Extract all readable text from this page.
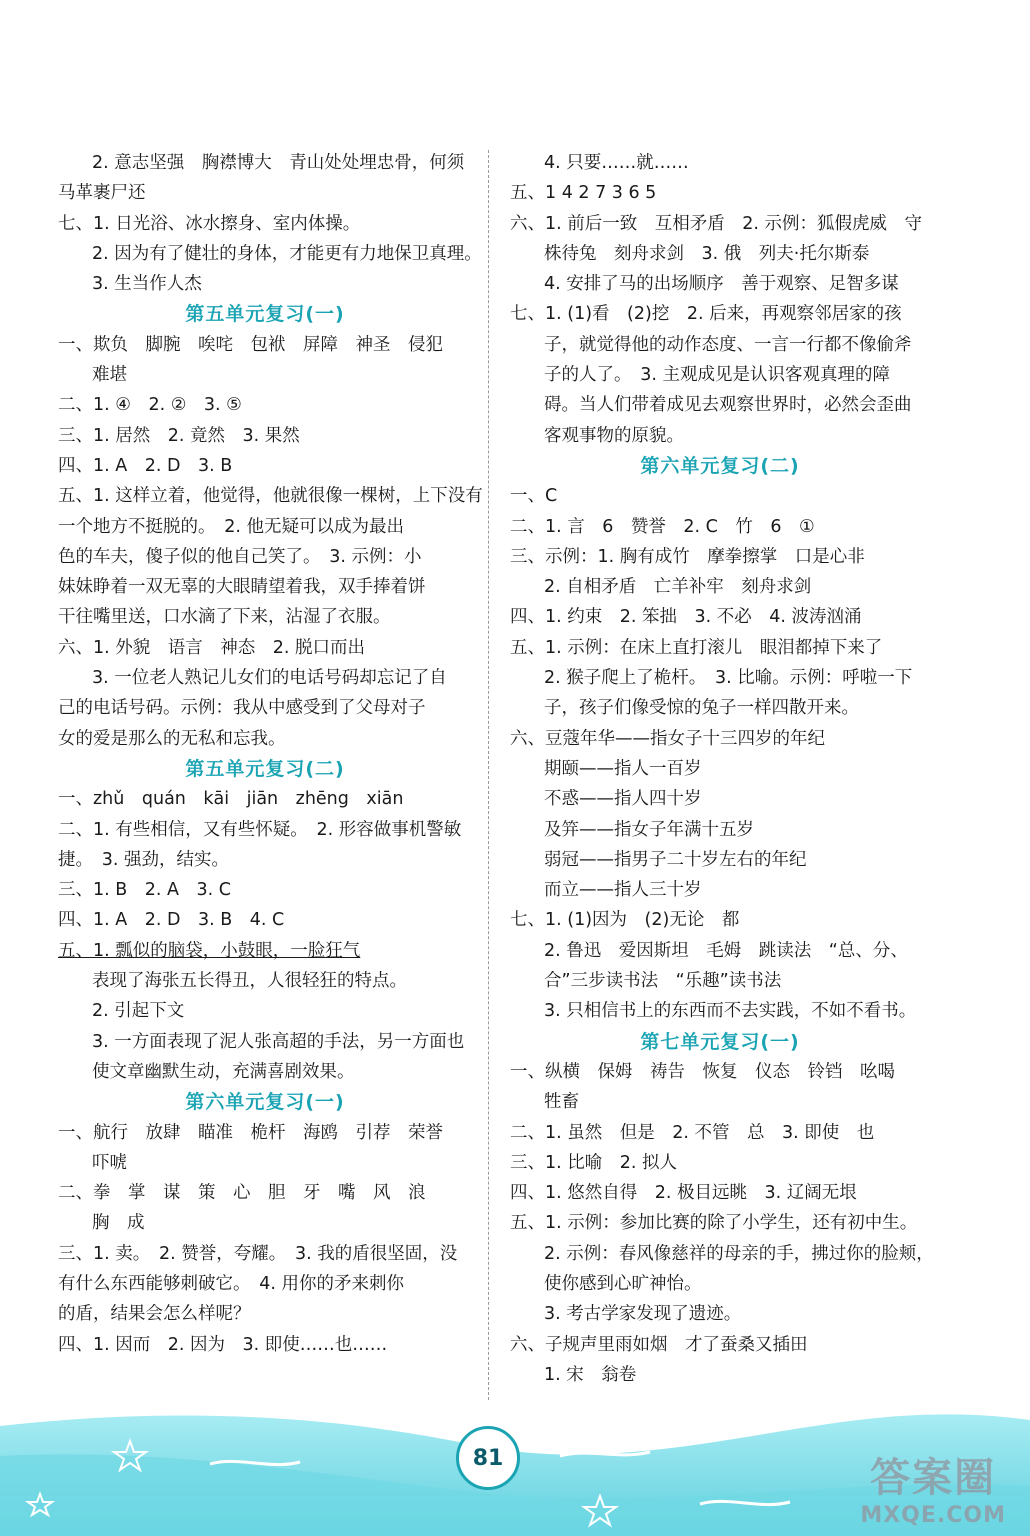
2. 意志坚强　胸襟博大　青山处处埋忠骨，何须
马革裹尸还
七、1. 日光浴、冰水擦身、室内体操。
2. 因为有了健壮的身体，才能更有力地保卫真理。
3. 生当作人杰
第五单元复习(一)
一、欺负　脚腕　唉咤　包袱　屏障　神圣　侵犯
难堪
二、1. ④　2. ②　3. ⑤
三、1. 居然　2. 竟然　3. 果然
四、1. A　2. D　3. B
五、1. 这样立着，他觉得，他就很像一棵树，上下没有
一个地方不挺脱的。　2. 他无疑可以成为最出
色的车夫，傻子似的他自己笑了。　3. 示例：小
妹妹睁着一双无辜的大眼睛望着我，双手捧着饼
干往嘴里送，口水滴了下来，沾湿了衣服。
六、1. 外貌　语言　神态　2. 脱口而出
3. 一位老人熟记儿女们的电话号码却忘记了自
己的电话号码。示例：我从中感受到了父母对子
女的爱是那么的无私和忘我。
第五单元复习(二)
一、zhǔ　quán　kāi　jiān　zhēng　xiān
二、1. 有些相信，又有些怀疑。　2. 形容做事机警敏
捷。　3. 强劲，结实。
三、1. B　2. A　3. C
四、1. A　2. D　3. B　4. C
五、1. 瓢似的脑袋，小鼓眼，一脸狂气
表现了海张五长得丑，人很轻狂的特点。
2. 引起下文
3. 一方面表现了泥人张高超的手法，另一方面也
使文章幽默生动，充满喜剧效果。
第六单元复习(一)
一、航行　放肆　瞄准　桅杆　海鸥　引荐　荣誉
吓唬
二、拳　掌　谋　策　心　胆　牙　嘴　风　浪
胸　成
三、1. 卖。　2. 赞誉，夸耀。　3. 我的盾很坚固，没
有什么东西能够刺破它。　4. 用你的矛来刺你
的盾，结果会怎么样呢？
四、1. 因而　2. 因为　3. 即使……也……
4. 只要……就……
五、1 4 2 7 3 6 5
六、1. 前后一致　互相矛盾　2. 示例：狐假虎威　守
株待兔　刻舟求剑　3. 俄　列夫·托尔斯泰
4. 安排了马的出场顺序　善于观察、足智多谋
七、1. (1)看　(2)挖　2. 后来，再观察邻居家的孩
子，就觉得他的动作态度、一言一行都不像偷斧
子的人了。　3. 主观成见是认识客观真理的障
碍。当人们带着成见去观察世界时，必然会歪曲
客观事物的原貌。
第六单元复习(二)
一、C
二、1. 言　6　赞誉　2. C　竹　6　①
三、示例：1. 胸有成竹　摩拳擦掌　口是心非
2. 自相矛盾　亡羊补牢　刻舟求剑
四、1. 约束　2. 笨拙　3. 不必　4. 波涛汹涌
五、1. 示例：在床上直打滚儿　眼泪都掉下来了
2. 猴子爬上了桅杆。　3. 比喻。示例：呼啦一下
子，孩子们像受惊的兔子一样四散开来。
六、豆蔻年华——指女子十三四岁的年纪
期颐——指人一百岁
不惑——指人四十岁
及笄——指女子年满十五岁
弱冠——指男子二十岁左右的年纪
而立——指人三十岁
七、1. (1)因为　(2)无论　都
2. 鲁迅　爱因斯坦　毛姆　跳读法　“总、分、
合”三步读书法　“乐趣”读书法
3. 只相信书上的东西而不去实践，不如不看书。
第七单元复习(一)
一、纵横　保姆　祷告　恢复　仪态　铃铛　吆喝
牲畜
二、1. 虽然　但是　2. 不管　总　3. 即使　也
三、1. 比喻　2. 拟人
四、1. 悠然自得　2. 极目远眺　3. 辽阔无垠
五、1. 示例：参加比赛的除了小学生，还有初中生。
2. 示例：春风像慈祥的母亲的手，拂过你的脸颊，
使你感到心旷神怡。
3. 考古学家发现了遗迹。
六、子规声里雨如烟　才了蚕桑又插田
1. 宋　翁卷
81	答案圈
MXQE.COM
